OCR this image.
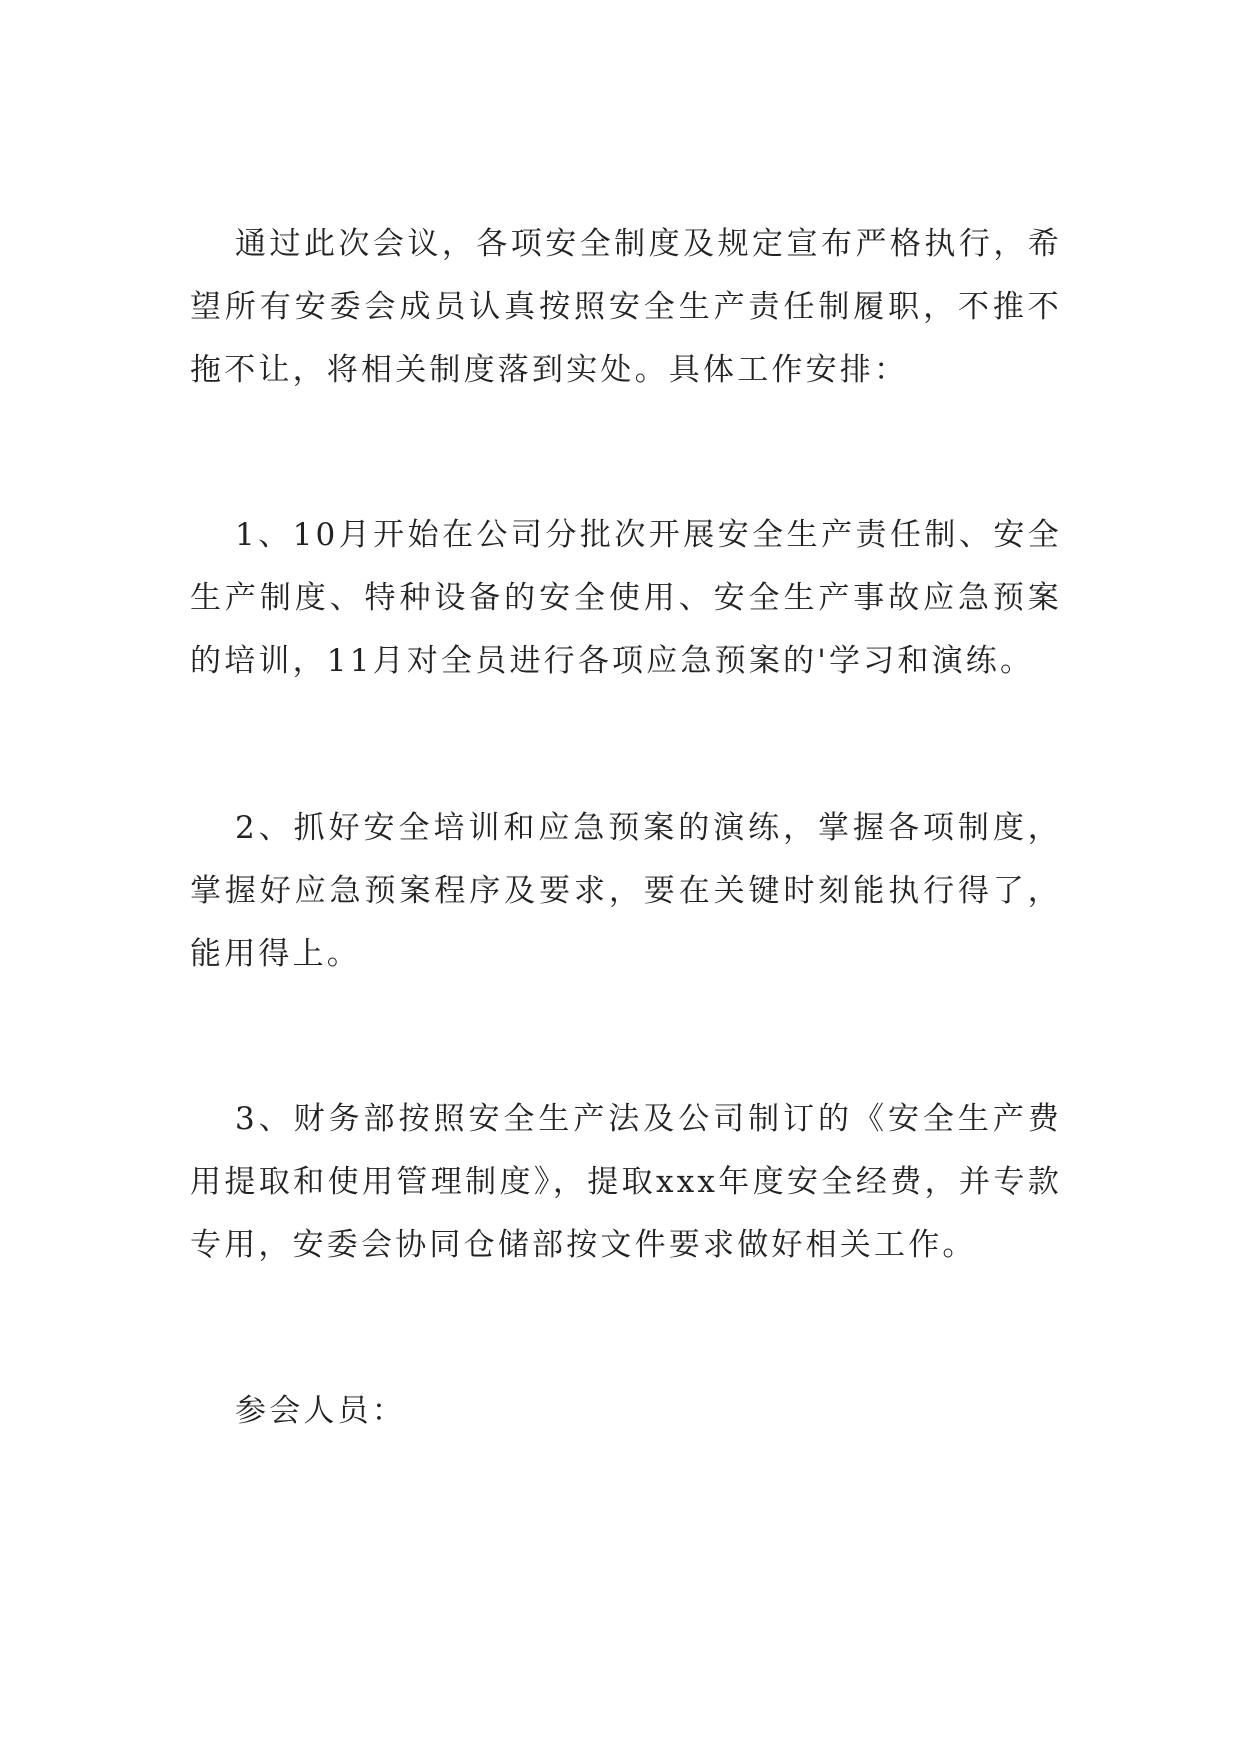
通过此次会议，各项安全制度及规定宣布严格执行，希望所有安委会成员认真按照安全生产责任制履职，不推不拖不让，将相关制度落到实处。具体工作安排：

1、10月开始在公司分批次开展安全生产责任制、安全生产制度、特种设备的安全使用、安全生产事故应急预案的培训，11月对全员进行各项应急预案的'学习和演练。

2、抓好安全培训和应急预案的演练，掌握各项制度，掌握好应急预案程序及要求，要在关键时刻能执行得了，能用得上。

3、财务部按照安全生产法及公司制订的《安全生产费用提取和使用管理制度》，提取xxx年度安全经费，并专款专用，安委会协同仓储部按文件要求做好相关工作。

参会人员：
